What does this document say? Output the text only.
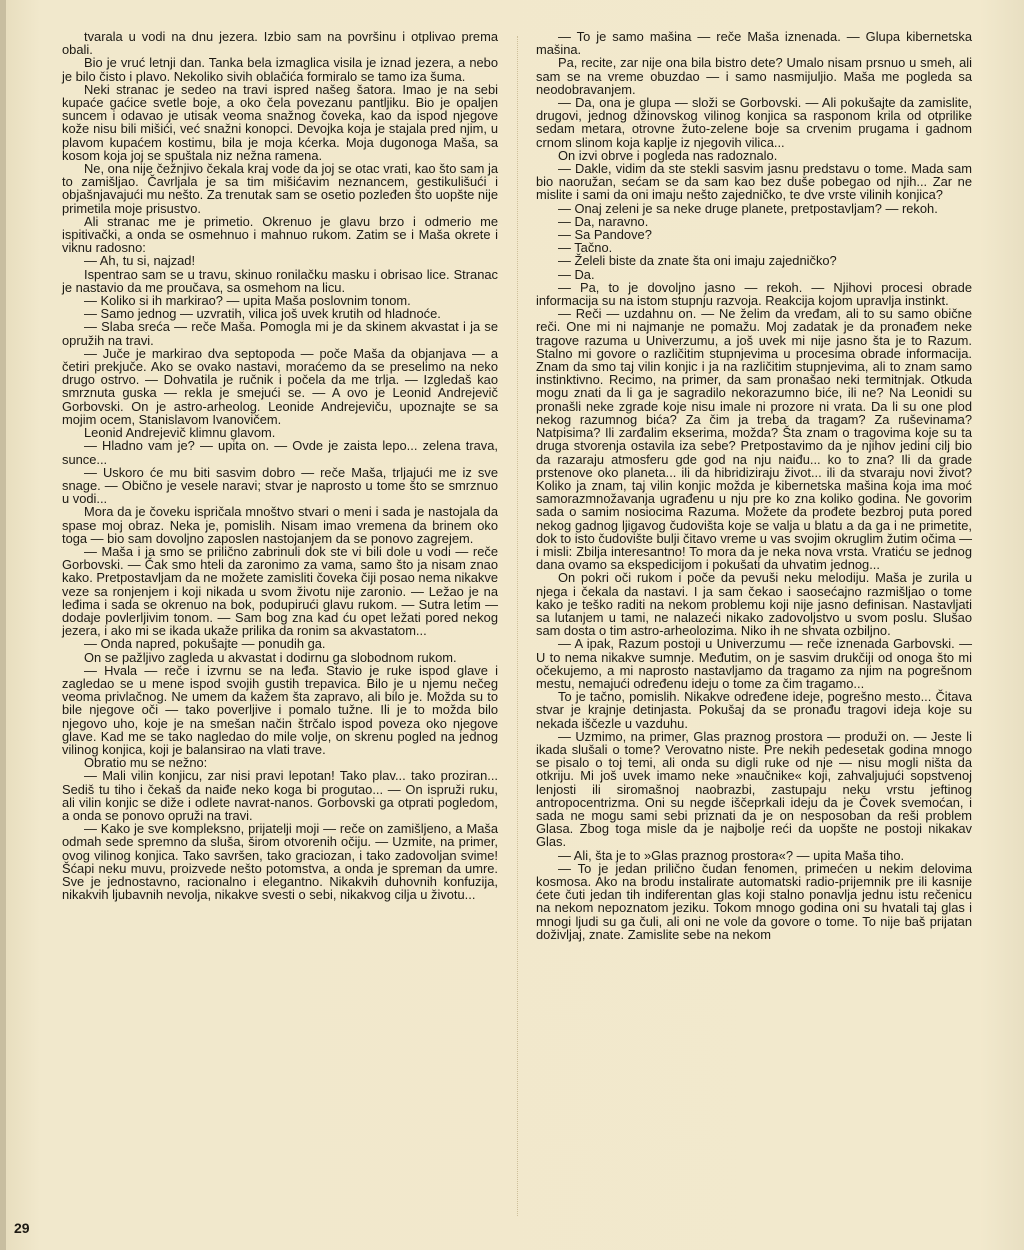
tvarala u vodi na dnu jezera. Izbio sam na površinu i otplivao prema obali.

Bio je vruć letnji dan. Tanka bela izmaglica visila je iznad jezera, a nebo je bilo čisto i plavo. Nekoliko sivih oblačića formiralo se tamo iza šuma.

Neki stranac je sedeo na travi ispred našeg šatora. Imao je na sebi kupaće gaćice svetle boje, a oko čela povezanu pantljiku. Bio je opaljen suncem i odavao je utisak veoma snažnog čoveka, kao da ispod njegove kože nisu bili mišići, već snažni konopci. Devojka koja je stajala pred njim, u plavom kupaćem kostimu, bila je moja kćerka. Moja dugonoga Maša, sa kosom koja joj se spuštala niz nežna ramena.

Ne, ona nije čežnjivo čekala kraj vode da joj se otac vrati, kao što sam ja to zamišljao. Čavrljala je sa tim mišićavim neznancem, gestikulišući i objašnjavajući mu nešto. Za trenutak sam se osetio pozleđen što uopšte nije primetila moje prisustvo.

Ali stranac me je primetio. Okrenuo je glavu brzo i odmerio me ispitivački, a onda se osmehnuo i mahnuo rukom. Zatim se i Maša okrete i viknu radosno:

— Ah, tu si, najzad!

Ispentrao sam se u travu, skinuo ronilačku masku i obrisao lice. Stranac je nastavio da me proučava, sa osmehom na licu.

— Koliko si ih markirao? — upita Maša poslovnim tonom.

— Samo jednog — uzvratih, vilica još uvek krutih od hladnoće.

— Slaba sreća — reče Maša. Pomogla mi je da skinem akvastat i ja se opružih na travi.

— Juče je markirao dva septopoda — poče Maša da objanjava — a četiri prekjuče. Ako se ovako nastavi, moraćemo da se preselimo na neko drugo ostrvo. — Dohvatila je ručnik i počela da me trlja. — Izgledaš kao smrznuta guska — rekla je smejući se. — A ovo je Leonid Andrejevič Gorbovski. On je astro-arheolog. Leonide Andrejeviču, upoznajte se sa mojim ocem, Stanislavom Ivanovičem.

Leonid Andrejevič klimnu glavom.

— Hladno vam je? — upita on. — Ovde je zaista lepo... zelena trava, sunce...

— Uskoro će mu biti sasvim dobro — reče Maša, trljajući me iz sve snage. — Obično je vesele naravi; stvar je naprosto u tome što se smrznuo u vodi...

Mora da je čoveku ispričala mnoštvo stvari o meni i sada je nastojala da spase moj obraz. Neka je, pomislih. Nisam imao vremena da brinem oko toga — bio sam dovoljno zaposlen nastojanjem da se ponovo zagrejem.

— Maša i ja smo se prilično zabrinuli dok ste vi bili dole u vodi — reče Gorbovski. — Čak smo hteli da zaronimo za vama, samo što ja nisam znao kako. Pretpostavljam da ne možete zamisliti čoveka čiji posao nema nikakve veze sa ronjenjem i koji nikada u svom životu nije zaronio. — Ležao je na leđima i sada se okrenuo na bok, podupirući glavu rukom. — Sutra letim — dodaje povlerljivim tonom. — Sam bog zna kad ću opet ležati pored nekog jezera, i ako mi se ikada ukaže prilika da ronim sa akvastatom...

— Onda napred, pokušajte — ponudih ga.

On se pažljivo zagleda u akvastat i dodirnu ga slobodnom rukom.

— Hvala — reče i izvrnu se na leđa. Stavio je ruke ispod glave i zagledao se u mene ispod svojih gustih trepavica. Bilo je u njemu nečeg veoma privlačnog. Ne umem da kažem šta zapravo, ali bilo je. Možda su to bile njegove oči — tako poverljive i pomalo tužne. Ili je to možda bilo njegovo uho, koje je na smešan način štrčalo ispod poveza oko njegove glave. Kad me se tako nagledao do mile volje, on skrenu pogled na jednog vilinog konjica, koji je balansirao na vlati trave.

Obratio mu se nežno:

— Mali vilin konjicu, zar nisi pravi lepotan! Tako plav... tako proziran... Sediš tu tiho i čekaš da naiđe neko koga bi progutao... — On ispruži ruku, ali vilin konjic se diže i odlete navrat-nanos. Gorbovski ga otprati pogledom, a onda se ponovo opruži na travi.

— Kako je sve kompleksno, prijatelji moji — reče on zamišljeno, a Maša odmah sede spremno da sluša, širom otvorenih očiju. — Uzmite, na primer, ovog vilinog konjica. Tako savršen, tako graciozan, i tako zadovoljan svime! Šćapi neku muvu, proizvede nešto potomstva, a onda je spreman da umre. Sve je jednostavno, racionalno i elegantno. Nikakvih duhovnih konfuzija, nikakvih ljubavnih nevolja, nikakve svesti o sebi, nikakvog cilja u životu...

— To je samo mašina — reče Maša iznenada. — Glupa kibernetska mašina.

Pa, recite, zar nije ona bila bistro dete? Umalo nisam prsnuo u smeh, ali sam se na vreme obuzdao — i samo nasmijuljio. Maša me pogleda sa neodobravanjem.

— Da, ona je glupa — složi se Gorbovski. — Ali pokušajte da zamislite, drugovi, jednog džinovskog vilinog konjica sa rasponom krila od otprilike sedam metara, otrovne žuto-zelene boje sa crvenim prugama i gadnom crnom slinom koja kaplje iz njegovih vilica...

On izvi obrve i pogleda nas radoznalo.

— Dakle, vidim da ste stekli sasvim jasnu predstavu o tome. Mada sam bio naoružan, sećam se da sam kao bez duše pobegao od njih... Zar ne mislite i sami da oni imaju nešto zajedničko, te dve vrste vilinih konjica?

— Onaj zeleni je sa neke druge planete, pretpostavljam? — rekoh.

— Da, naravno.

— Sa Pandove?

— Tačno.

— Želeli biste da znate šta oni imaju zajedničko?

— Da.

— Pa, to je dovoljno jasno — rekoh. — Njihovi procesi obrade informacija su na istom stupnju razvoja. Reakcija kojom upravlja instinkt.

— Reči — uzdahnu on. — Ne želim da vređam, ali to su samo obične reči. One mi ni najmanje ne pomažu. Moj zadatak je da pronađem neke tragove razuma u Univerzumu, a još uvek mi nije jasno šta je to Razum. Stalno mi govore o različitim stupnjevima u procesima obrade informacija. Znam da smo taj vilin konjic i ja na različitim stupnjevima, ali to znam samo instinktivno. Recimo, na primer, da sam pronašao neki termitnjak. Otkuda mogu znati da li ga je sagradilo nekorazumno biće, ili ne? Na Leonidi su pronašli neke zgrade koje nisu imale ni prozore ni vrata. Da li su one plod nekog razumnog bića? Za čim ja treba da tragam? Za ruševinama? Natpisima? Ili zarđalim ekserima, možda? Šta znam o tragovima koje su ta druga stvorenja ostavila iza sebe? Pretpostavimo da je njihov jedini cilj bio da razaraju atmosferu gde god na nju naiđu... ko to zna? Ili da grade prstenove oko planeta... ili da hibridiziraju život... ili da stvaraju novi život? Koliko ja znam, taj vilin konjic možda je kibernetska mašina koja ima moć samorazmnožavanja ugrađenu u nju pre ko zna koliko godina. Ne govorim sada o samim nosiocima Razuma. Možete da prođete bezbroj puta pored nekog gadnog ljigavog čudovišta koje se valja u blatu a da ga i ne primetite, dok to isto čudovište bulji čitavo vreme u vas svojim okruglim žutim očima — i misli: Zbilja interesantno! To mora da je neka nova vrsta. Vratiću se jednog dana ovamo sa ekspedicijom i pokušati da uhvatim jednog...

On pokri oči rukom i poče da pevuši neku melodiju. Maša je zurila u njega i čekala da nastavi. I ja sam čekao i saosećajno razmišljao o tome kako je teško raditi na nekom problemu koji nije jasno definisan. Nastavljati sa lutanjem u tami, ne nalazeći nikako zadovoljstvo u svom poslu. Slušao sam dosta o tim astro-arheolozima. Niko ih ne shvata ozbiljno.

— A ipak, Razum postoji u Univerzumu — reče iznenada Garbovski. — U to nema nikakve sumnje. Međutim, on je sasvim drukčiji od onoga što mi očekujemo, a mi naprosto nastavljamo da tragamo za njim na pogrešnom mestu, nemajući određenu ideju o tome za čim tragamo...

To je tačno, pomislih. Nikakve određene ideje, pogrešno mesto... Čitava stvar je krajnje detinjasta. Pokušaj da se pronađu tragovi ideja koje su nekada iščezle u vazduhu.

— Uzmimo, na primer, Glas praznog prostora — produži on. — Jeste li ikada slušali o tome? Verovatno niste. Pre nekih pedesetak godina mnogo se pisalo o toj temi, ali onda su digli ruke od nje — nisu mogli ništa da otkriju. Mi još uvek imamo neke »naučnike« koji, zahvaljujući sopstvenoj lenjosti ili siromašnoj naobrazbi, zastupaju neku vrstu jeftinog antropocentrizma. Oni su negde iščeprkali ideju da je Čovek svemoćan, i sada ne mogu sami sebi priznati da je on nesposoban da reši problem Glasa. Zbog toga misle da je najbolje reći da uopšte ne postoji nikakav Glas.

— Ali, šta je to »Glas praznog prostora«? — upita Maša tiho.

— To je jedan prilično čudan fenomen, primećen u nekim delovima kosmosa. Ako na brodu instalirate automatski radio-prijemnik pre ili kasnije ćete čuti jedan tih indiferentan glas koji stalno ponavlja jednu istu rečenicu na nekom nepoznatom jeziku. Tokom mnogo godina oni su hvatali taj glas i mnogi ljudi su ga čuli, ali oni ne vole da govore o tome. To nije baš prijatan doživljaj, znate. Zamislite sebe na nekom

29
